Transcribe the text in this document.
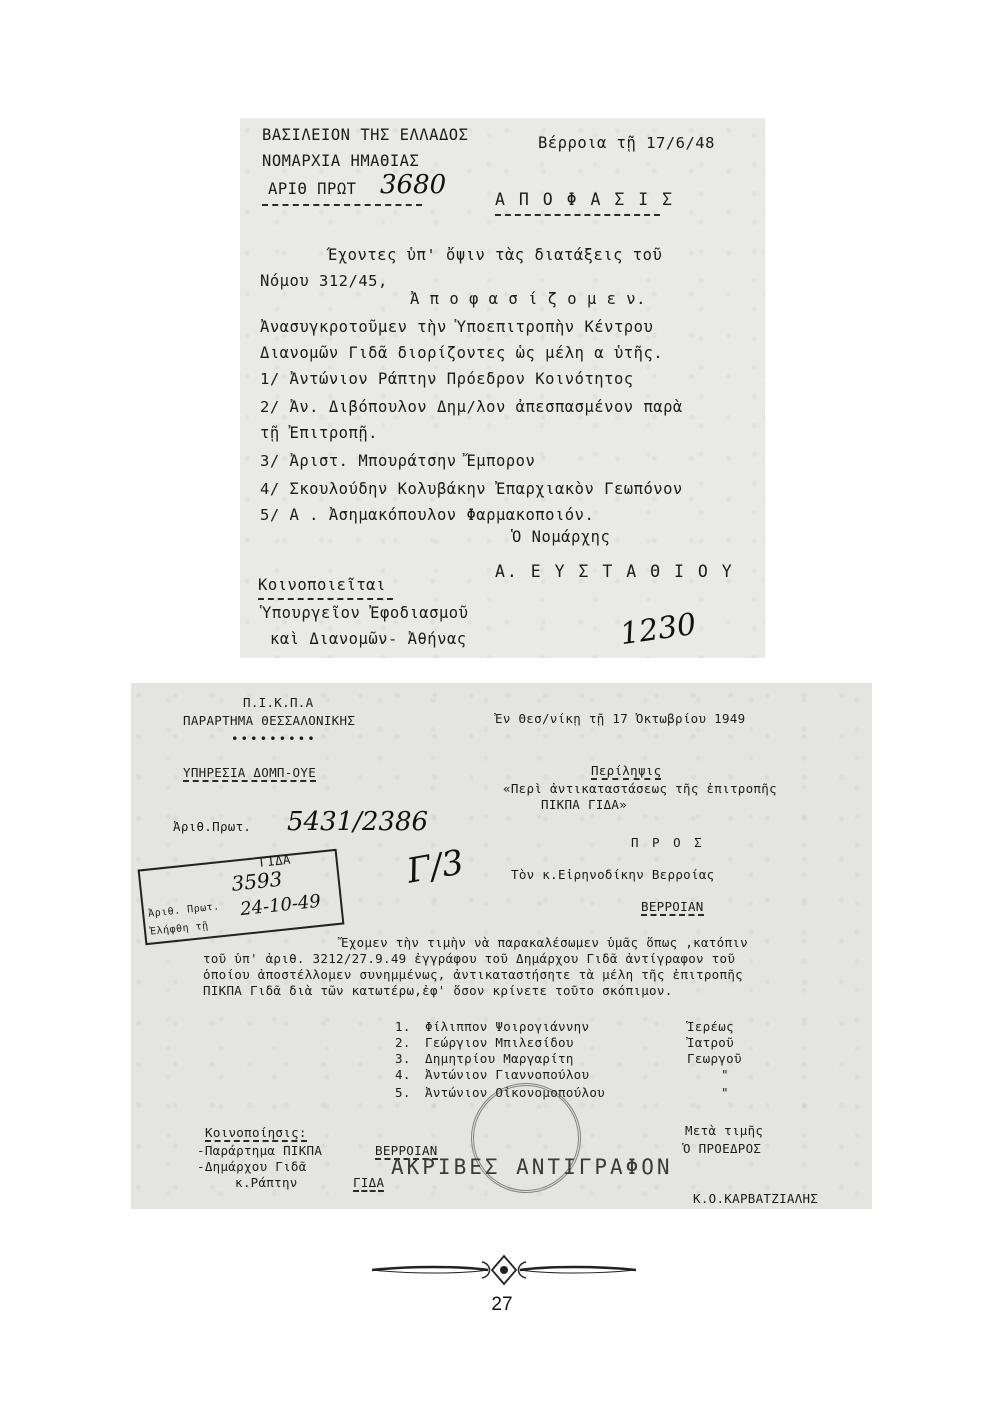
ΒΑΣΙΛΕΙΟΝ ΤΗΣ ΕΛΛΑΔΟΣ
ΝΟΜΑΡΧΙΑ ΗΜΑΘΙΑΣ
ΑΡΙΘ ΠΡΩΤ 3680
Βέρροια τῇ 17/6/48
Α Π Ο Φ Α Σ Ι Σ
Έχοντες ὑπ' ὄψιν τὰς διατάξεις τοῦ
Νόμου 312/45,
Ἀ π ο φ α σ ί ζ ο μ ε ν.
Ἀνασυγκροτοῦμεν τὴν Ὑποεπιτροπὴν Κέντρου
Διανομῶν Γιδᾶ διορίζοντες ὡς μέλη α ὑτῆς.
1/ Ἀντώνιον Ράπτην Πρόεδρον Κοινότητος
2/ Ἀν. Διβόπουλον Δημ/λον ἀπεσπασμένον παρὰ
τῇ Ἐπιτροπῇ.
3/ Ἀριστ. Μπουράτσην Ἔμπορον
4/ Σκουλούδην Κολυβάκην Ἐπαρχιακὸν Γεωπόνον
5/ Α . Ἀσημακόπουλον Φαρμακοποιόν.
Ὁ Νομάρχης
Α. Ε Υ Σ Τ Α Θ Ι Ο Υ
Κοινοποιεῖται
Ὑπουργεῖον Ἐφοδιασμοῦ
καὶ Διανομῶν- Ἀθήνας	1230
Π.Ι.Κ.Π.Α
ΠΑΡΑΡΤΗΜΑ ΘΕΣΣΑΛΟΝΙΚΗΣ
•••••••••
ΥΠΗΡΕΣΙΑ ΔΟΜΠ-ΟΥΕ
Ἐν Θεσ/νίκῃ τῇ 17 Ὀκτωβρίου 1949
Περίληψις
«Περὶ ἀντικαταστάσεως τῆς ἐπιτροπῆς
ΠΙΚΠΑ ΓΙΔΑ»
Ἀριθ.Πρωτ. 5431/2386
Π Ρ Ο Σ
Τὸν κ.Εἰρηνοδίκην Βερροίας
ΒΕΡΡΟΙΑΝ
ΓΙΔΑ
3593
Ἀριθ. Πρωτ.
Ἐλήφθη τῇ
24-10-49
Γ/3
Ἔχομεν τὴν τιμὴν νὰ παρακαλέσωμεν ὑμᾶς ὅπως ,κατόπιν
τοῦ ὑπ' ἀριθ. 3212/27.9.49 ἐγγράφου τοῦ Δημάρχου Γιδᾶ ἀντίγραφον τοῦ
ὁποίου ἀποστέλλομεν συνημμένως, ἀντικαταστήσητε τὰ μέλη τῆς ἐπιτροπῆς
ΠΙΚΠΑ Γιδᾶ διὰ τῶν κατωτέρω,ἐφ' ὅσον κρίνετε τοῦτο σκόπιμον.
1. Φίλιππον Ψοιρογιάννην	Ἱερέως
2. Γεώργιον Μπιλεσίδου	Ἰατροῦ
3. Δημητρίου Μαργαρίτη	Γεωργοῦ
4. Ἀντώνιον Γιαννοπούλου	"
5. Ἀντώνιον Οἰκονομοπούλου	"
Κοινοποίησις:
-Παράρτημα ΠΙΚΠΑ
-Δημάρχου Γιδᾶ
κ.Ράπτην
ΒΕΡΡΟΙΑΝ
ΓΙΔΑ
ΑΚΡΙΒΕΣ ΑΝΤΙΓΡΑΦΟΝ
Μετὰ τιμῆς
Ὁ ΠΡΟΕΔΡΟΣ
Κ.Ο.ΚΑΡΒΑΤΖΙΑΛΗΣ
27
